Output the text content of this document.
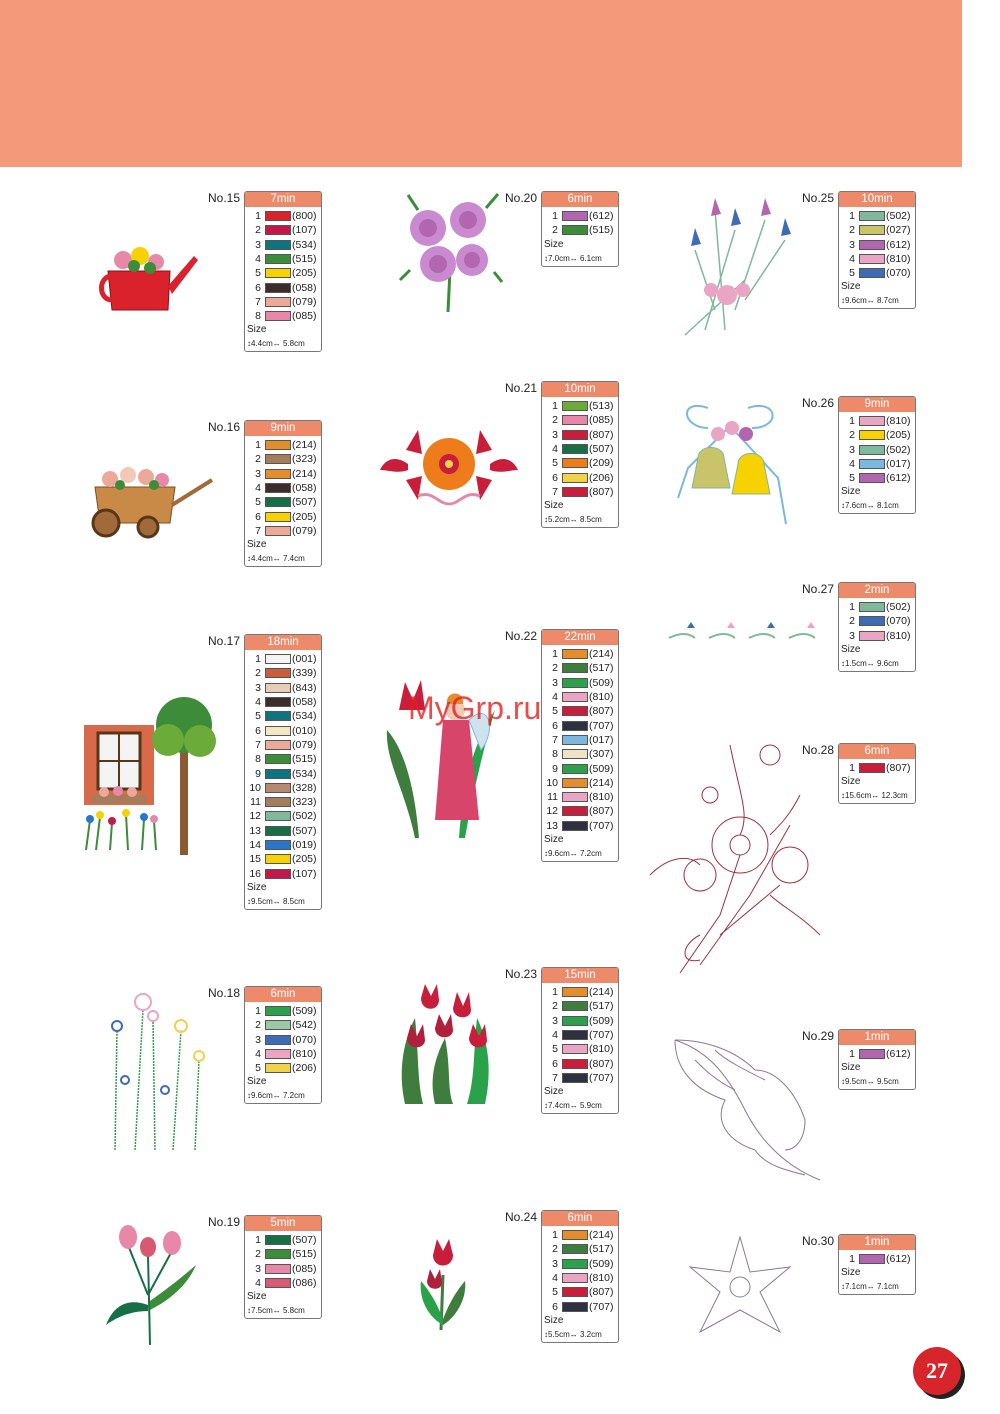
No.15	7min
1	(800)
2	(107)
3	(534)
4	(515)
5	(205)
6	(058)
7	(079)
8	(085)
Size
↕4.4cm↔ 5.8cm
No.16	9min
1	(214)
2	(323)
3	(214)
4	(058)
5	(507)
6	(205)
7	(079)
Size
↕4.4cm↔ 7.4cm
No.17	18min
1	(001)
2	(339)
3	(843)
4	(058)
5	(534)
6	(010)
7	(079)
8	(515)
9	(534)
10	(328)
11	(323)
12	(502)
13	(507)
14	(019)
15	(205)
16	(107)
Size
↕9.5cm↔ 8.5cm
No.18	6min
1	(509)
2	(542)
3	(070)
4	(810)
5	(206)
Size
↕9.6cm↔ 7.2cm
No.19	5min
1	(507)
2	(515)
3	(085)
4	(086)
Size
↕7.5cm↔ 5.8cm
No.20	6min
1	(612)
2	(515)
Size
↕7.0cm↔ 6.1cm
No.21	10min
1	(513)
2	(085)
3	(807)
4	(507)
5	(209)
6	(206)
7	(807)
Size
↕5.2cm↔ 8.5cm
No.22	22min
1	(214)
2	(517)
3	(509)
4	(810)
5	(807)
6	(707)
7	(017)
8	(307)
9	(509)
10	(214)
11	(810)
12	(807)
13	(707)
Size
↕9.6cm↔ 7.2cm
No.23	15min
1	(214)
2	(517)
3	(509)
4	(707)
5	(810)
6	(807)
7	(707)
Size
↕7.4cm↔ 5.9cm
No.24	6min
1	(214)
2	(517)
3	(509)
4	(810)
5	(807)
6	(707)
Size
↕5.5cm↔ 3.2cm
No.25	10min
1	(502)
2	(027)
3	(612)
4	(810)
5	(070)
Size
↕9.6cm↔ 8.7cm
No.26	9min
1	(810)
2	(205)
3	(502)
4	(017)
5	(612)
Size
↕7.6cm↔ 8.1cm
No.27	2min
1	(502)
2	(070)
3	(810)
Size
↕1.5cm↔ 9.6cm
No.28	6min
1	(807)
Size
↕15.6cm↔ 12.3cm
No.29	1min
1	(612)
Size
↕9.5cm↔ 9.5cm
No.30	1min
1	(612)
Size
↕7.1cm↔ 7.1cm
MyGrp.ru
27
